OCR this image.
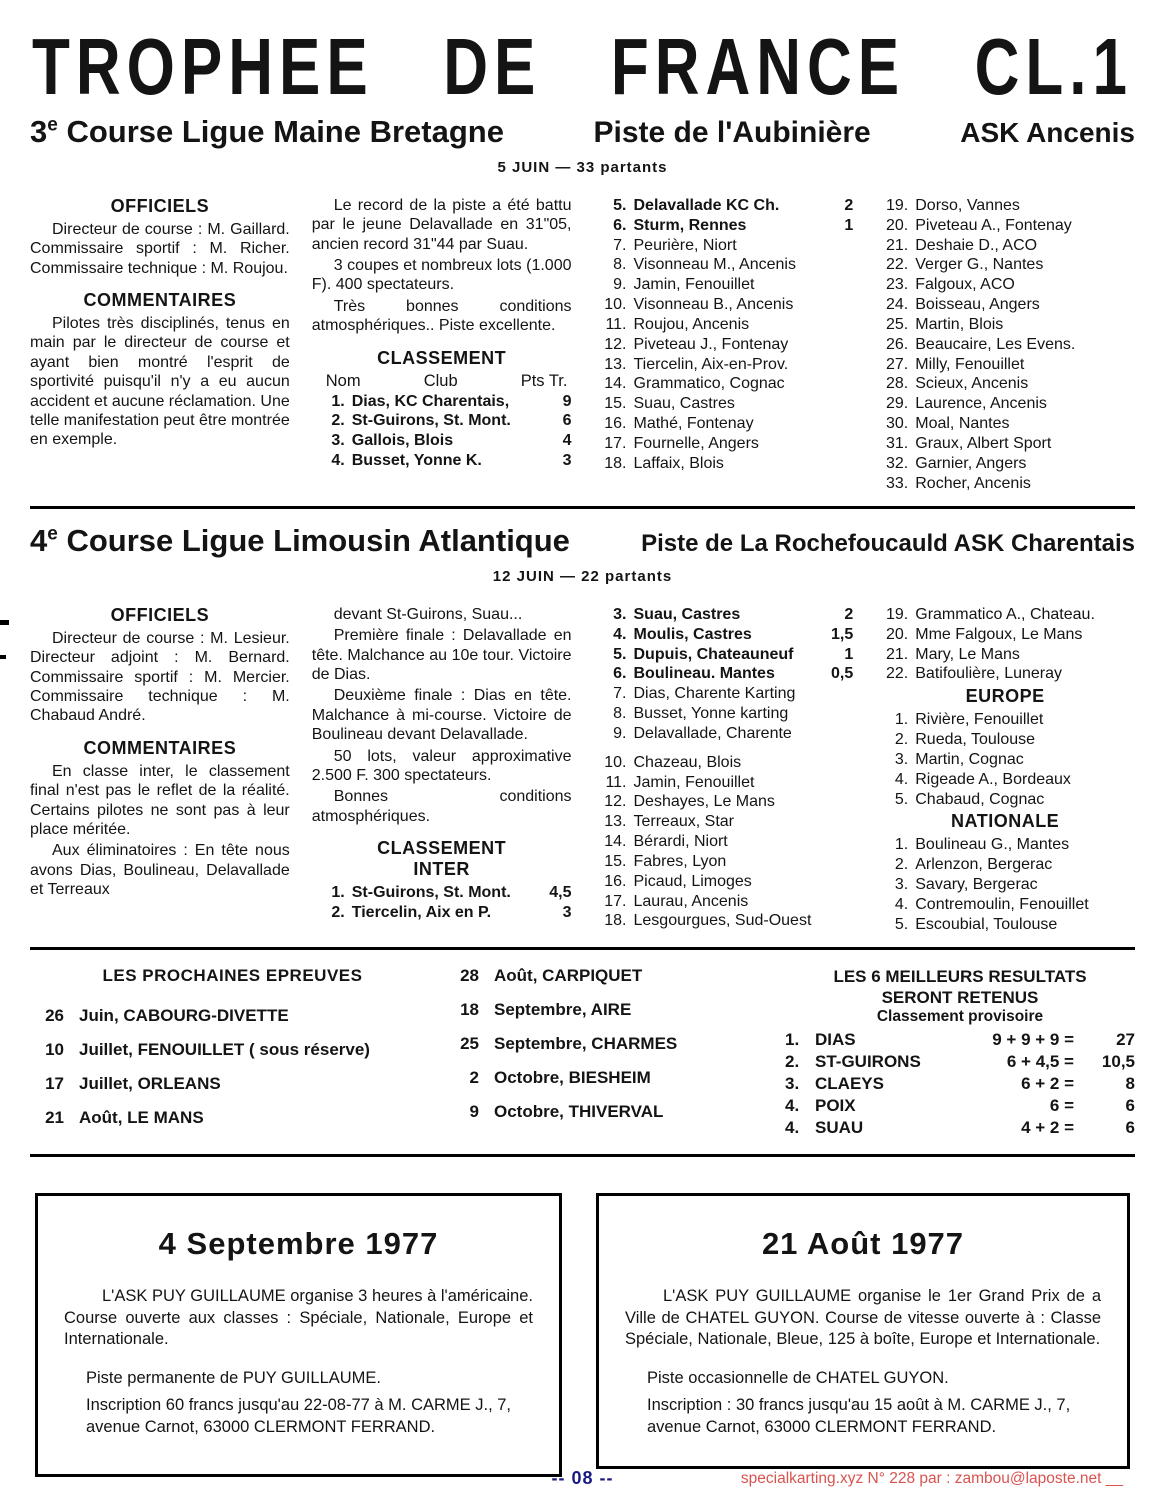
TROPHEE DE FRANCE CL.1
3e Course Ligue Maine Bretagne	Piste de l'Aubinière	ASK Ancenis
5 JUIN — 33 partants
OFFICIELS

Directeur de course : M. Gaillard. Commissaire sportif : M. Richer. Commissaire technique : M. Roujou.

COMMENTAIRES

Pilotes très disciplinés, tenus en main par le directeur de course et ayant bien montré l'esprit de sportivité puisqu'il n'y a eu aucun accident et aucune réclamation. Une telle manifestation peut être montrée en exemple.

Le record de la piste a été battu par le jeune Delavallade en 31"05, ancien record 31"44 par Suau.

3 coupes et nombreux lots (1.000 F). 400 spectateurs.

Très bonnes conditions atmosphériques.. Piste excellente.

CLASSEMENT
Nom	Club	Pts Tr.
1. Dias, KC Charentais,	9
2. St-Guirons, St. Mont.	6
3. Gallois, Blois	4
4. Busset, Yonne K.	3
5. Delavallade KC Ch.	2
6. Sturm, Rennes	1
7. Peurière, Niort
8. Visonneau M., Ancenis
9. Jamin, Fenouillet
10. Visonneau B., Ancenis
11. Roujou, Ancenis
12. Piveteau J., Fontenay
13. Tiercelin, Aix-en-Prov.
14. Grammatico, Cognac
15. Suau, Castres
16. Mathé, Fontenay
17. Fournelle, Angers
18. Laffaix, Blois
19. Dorso, Vannes
20. Piveteau A., Fontenay
21. Deshaie D., ACO
22. Verger G., Nantes
23. Falgoux, ACO
24. Boisseau, Angers
25. Martin, Blois
26. Beaucaire, Les Evens.
27. Milly, Fenouillet
28. Scieux, Ancenis
29. Laurence, Ancenis
30. Moal, Nantes
31. Graux, Albert Sport
32. Garnier, Angers
33. Rocher, Ancenis
4e Course Ligue Limousin Atlantique	Piste de La Rochefoucauld ASK Charentais
12 JUIN — 22 partants
OFFICIELS

Directeur de course : M. Lesieur. Directeur adjoint : M. Bernard. Commissaire sportif : M. Mercier. Commissaire technique : M. Chabaud André.

COMMENTAIRES

En classe inter, le classement final n'est pas le reflet de la réalité. Certains pilotes ne sont pas à leur place méritée.

Aux éliminatoires : En tête nous avons Dias, Boulineau, Delavallade et Terreaux

devant St-Guirons, Suau...

Première finale : Delavallade en tête. Malchance au 10e tour. Victoire de Dias.

Deuxième finale : Dias en tête. Malchance à mi-course. Victoire de Boulineau devant Delavallade.

50 lots, valeur approximative 2.500 F. 300 spectateurs.

Bonnes conditions atmosphériques.

CLASSEMENT
INTER
1. St-Guirons, St. Mont.	4,5
2. Tiercelin, Aix en P.	3
3. Suau, Castres	2
4. Moulis, Castres	1,5
5. Dupuis, Chateauneuf	1
6. Boulineau. Mantes	0,5
7. Dias, Charente Karting
8. Busset, Yonne karting
9. Delavallade, Charente
10. Chazeau, Blois
11. Jamin, Fenouillet
12. Deshayes, Le Mans
13. Terreaux, Star
14. Bérardi, Niort
15. Fabres, Lyon
16. Picaud, Limoges
17. Laurau, Ancenis
18. Lesgourgues, Sud-Ouest
19. Grammatico A., Chateau.
20. Mme Falgoux, Le Mans
21. Mary, Le Mans
22. Batifoulière, Luneray
EUROPE
1. Rivière, Fenouillet
2. Rueda, Toulouse
3. Martin, Cognac
4. Rigeade A., Bordeaux
5. Chabaud, Cognac
NATIONALE
1. Boulineau G., Mantes
2. Arlenzon, Bergerac
3. Savary, Bergerac
4. Contremoulin, Fenouillet
5. Escoubial, Toulouse
LES PROCHAINES EPREUVES
26 Juin, CABOURG-DIVETTE
10 Juillet, FENOUILLET ( sous réserve)
17 Juillet, ORLEANS
21 Août, LE MANS
28 Août, CARPIQUET
18 Septembre, AIRE
25 Septembre, CHARMES
2 Octobre, BIESHEIM
9 Octobre, THIVERVAL
LES 6 MEILLEURS RESULTATS
SERONT RETENUS
Classement provisoire
1. DIAS	9 + 9 + 9 =	27
2. ST-GUIRONS	6 + 4,5 =	10,5
3. CLAEYS	6 + 2 =	8
4. POIX	6 =	6
4. SUAU	4 + 2 =	6
4 Septembre 1977

L'ASK PUY GUILLAUME organise 3 heures à l'américaine. Course ouverte aux classes : Spéciale, Nationale, Europe et Internationale.

Piste permanente de PUY GUILLAUME.

Inscription 60 francs jusqu'au 22-08-77 à M. CARME J., 7, avenue Carnot, 63000 CLERMONT FERRAND.

21 Août 1977

L'ASK PUY GUILLAUME organise le 1er Grand Prix de a Ville de CHATEL GUYON. Course de vitesse ouverte à : Classe Spéciale, Nationale, Bleue, 125 à boîte, Europe et Internationale.

Piste occasionnelle de CHATEL GUYON.

Inscription : 30 francs jusqu'au 15 août à M. CARME J., 7, avenue Carnot, 63000 CLERMONT FERRAND.

-- 08 --	specialkarting.xyz N° 228 par : zambou@laposte.net __
